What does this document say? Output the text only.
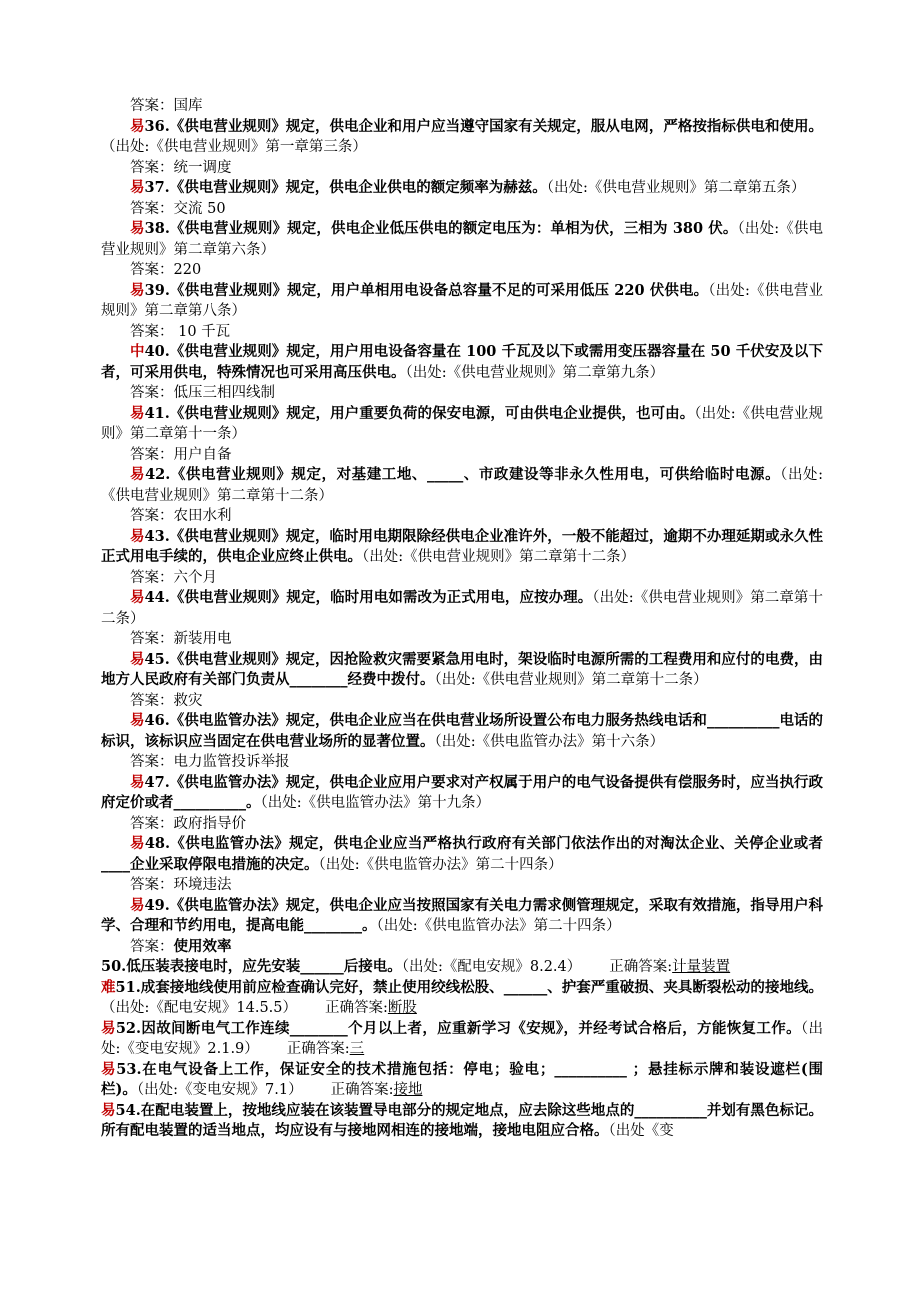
答案：国库

易36.《供电营业规则》规定，供电企业和用户应当遵守国家有关规定，服从电网，严格按指标供电和使用。（出处:《供电营业规则》第一章第三条）

答案：统一调度

易37.《供电营业规则》规定，供电企业供电的额定频率为赫兹。（出处:《供电营业规则》第二章第五条）

答案：交流 50

易38.《供电营业规则》规定，供电企业低压供电的额定电压为：单相为伏，三相为 380 伏。（出处:《供电营业规则》第二章第六条）

答案：220

易39.《供电营业规则》规定，用户单相用电设备总容量不足的可采用低压 220 伏供电。（出处:《供电营业规则》第二章第八条）

答案： 10 千瓦

中40.《供电营业规则》规定，用户用电设备容量在 100 千瓦及以下或需用变压器容量在 50 千伏安及以下者，可采用供电，特殊情况也可采用高压供电。（出处:《供电营业规则》第二章第九条）

答案：低压三相四线制

易41.《供电营业规则》规定，用户重要负荷的保安电源，可由供电企业提供，也可由。（出处:《供电营业规则》第二章第十一条）

答案：用户自备

易42.《供电营业规则》规定，对基建工地、_____、市政建设等非永久性用电，可供给临时电源。（出处:《供电营业规则》第二章第十二条）

答案：农田水利

易43.《供电营业规则》规定，临时用电期限除经供电企业准许外，一般不能超过，逾期不办理延期或永久性正式用电手续的，供电企业应终止供电。（出处:《供电营业规则》第二章第十二条）

答案：六个月

易44.《供电营业规则》规定，临时用电如需改为正式用电，应按办理。（出处:《供电营业规则》第二章第十二条）

答案：新装用电

易45.《供电营业规则》规定，因抢险救灾需要紧急用电时，架设临时电源所需的工程费用和应付的电费，由地方人民政府有关部门负责从________经费中拨付。（出处:《供电营业规则》第二章第十二条）

答案：救灾

易46.《供电监管办法》规定，供电企业应当在供电营业场所设置公布电力服务热线电话和__________电话的标识，该标识应当固定在供电营业场所的显著位置。（出处:《供电监管办法》第十六条）

答案：电力监管投诉举报

易47.《供电监管办法》规定，供电企业应用户要求对产权属于用户的电气设备提供有偿服务时，应当执行政府定价或者__________。（出处:《供电监管办法》第十九条）

答案：政府指导价

易48.《供电监管办法》规定，供电企业应当严格执行政府有关部门依法作出的对淘汰企业、关停企业或者____企业采取停限电措施的决定。（出处:《供电监管办法》第二十四条）

答案：环境违法

易49.《供电监管办法》规定，供电企业应当按照国家有关电力需求侧管理规定，采取有效措施，指导用户科学、合理和节约用电，提高电能________。（出处:《供电监管办法》第二十四条）

答案：使用效率

50.低压装表接电时，应先安装______后接电。（出处:《配电安规》8.2.4） 正确答案:计量装置

难51.成套接地线使用前应检查确认完好，禁止使用绞线松股、______、护套严重破损、夹具断裂松动的接地线。（出处:《配电安规》14.5.5） 正确答案:断股

易52.因故间断电气工作连续________个月以上者，应重新学习《安规》，并经考试合格后，方能恢复工作。（出处:《变电安规》2.1.9） 正确答案:三

易53.在电气设备上工作，保证安全的技术措施包括：停电；验电；__________ ；悬挂标示牌和装设遮栏(围栏)。（出处:《变电安规》7.1） 正确答案:接地

易54.在配电装置上，按地线应装在该装置导电部分的规定地点，应去除这些地点的__________并划有黑色标记。所有配电装置的适当地点，均应设有与接地网相连的接地端，接地电阻应合格。（出处《变
